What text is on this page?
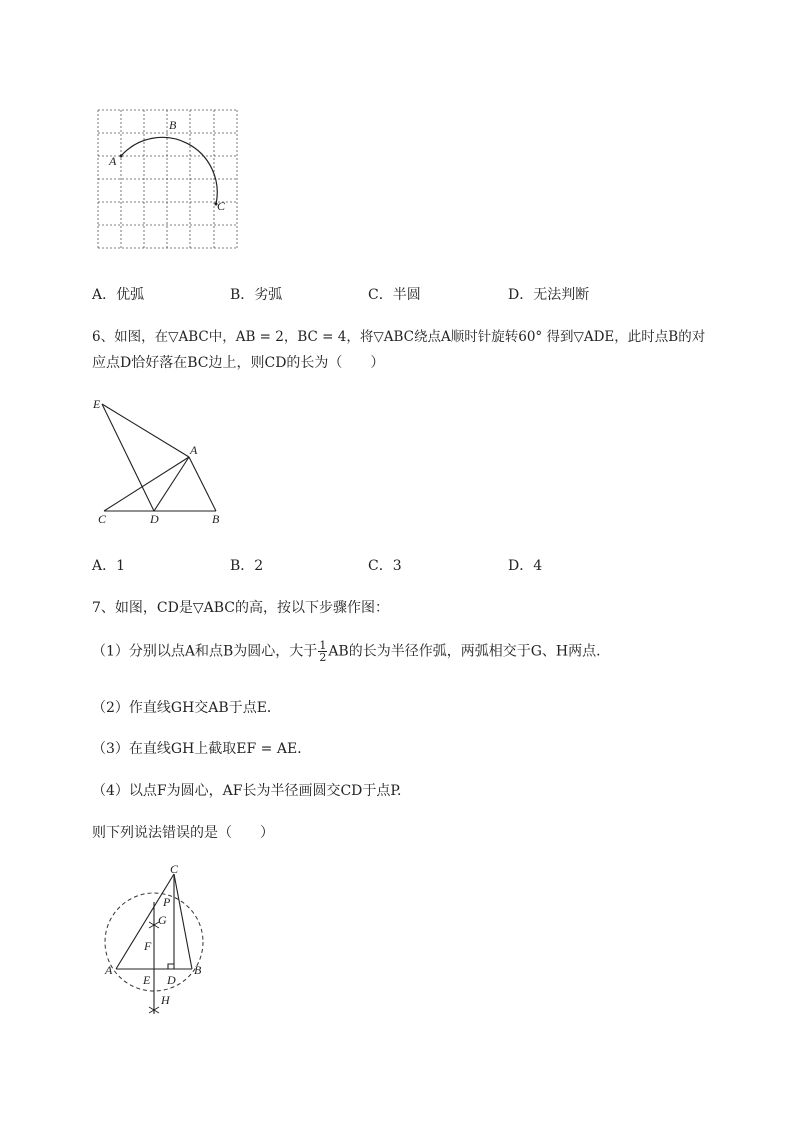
A
B
C
A．优弧	B．劣弧	C．半圆	D．无法判断
6、如图，在▽ABC中，AB = 2，BC = 4，将▽ABC绕点A顺时针旋转60° 得到▽ADE，此时点B的对
应点D恰好落在BC边上，则CD的长为（　　）
E
A
C	D	B
A．1	B．2	C．3	D．4
7、如图，CD是▽ABC的高，按以下步骤作图：
（1）分别以点A和点B为圆心，大于 $\frac{1}{2}$ AB的长为半径作弧，两弧相交于G、H两点．
（2）作直线GH交AB于点E．
（3）在直线GH上截取EF = AE．
（4）以点F为圆心，AF长为半径画圆交CD于点P.
则下列说法错误的是（　　）
C
P
G
F
A
E D
B
H
